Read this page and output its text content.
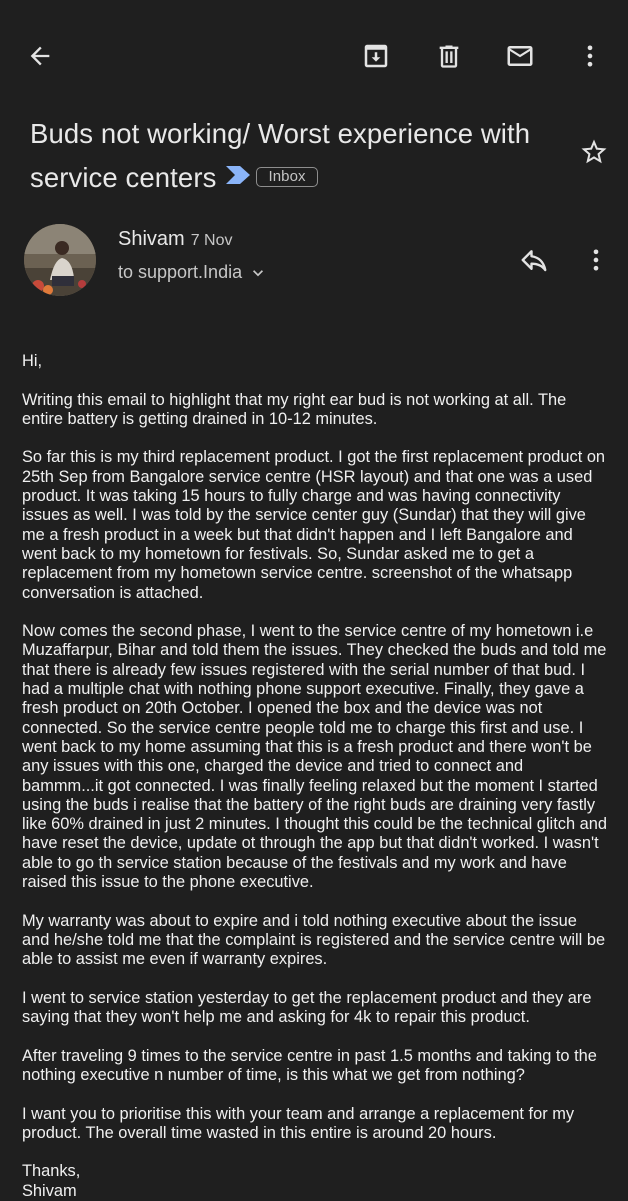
Buds not working/ Worst experience with service centers	Inbox
Shivam 7 Nov
to support.India

Hi,

Writing this email to highlight that my right ear bud is not working at all. The entire battery is getting drained in 10-12 minutes.

So far this is my third replacement product. I got the first replacement product on 25th Sep from Bangalore service centre (HSR layout) and that one was a used product. It was taking 15 hours to fully charge and was having connectivity issues as well. I was told by the service center guy (Sundar) that they will give me a fresh product in a week but that didn't happen and I left Bangalore and went back to my hometown for festivals. So, Sundar asked me to get a replacement from my hometown service centre. screenshot of the whatsapp conversation is attached.

Now comes the second phase, I went to the service centre of my hometown i.e Muzaffarpur, Bihar and told them the issues. They checked the buds and told me that there is already few issues registered with the serial number of that bud. I had a multiple chat with nothing phone support executive. Finally, they gave a fresh product on 20th October. I opened the box and the device was not connected. So the service centre people told me to charge this first and use. I went back to my home assuming that this is a fresh product and there won't be any issues with this one, charged the device and tried to connect and bammm...it got connected. I was finally feeling relaxed but the moment I started using the buds i realise that the battery of the right buds are draining very fastly like 60% drained in just 2 minutes. I thought this could be the technical glitch and have reset the device, update ot through the app but that didn't worked. I wasn't able to go th service station because of the festivals and my work and have raised this issue to the phone executive.

My warranty was about to expire and i told nothing executive about the issue and he/she told me that the complaint is registered and the service centre will be able to assist me even if warranty expires.

I went to service station yesterday to get the replacement product and they are saying that they won't help me and asking for 4k to repair this product.

After traveling 9 times to the service centre in past 1.5 months and taking to the nothing executive n number of time, is this what we get from nothing?

I want you to prioritise this with your team and arrange a replacement for my product. The overall time wasted in this entire is around 20 hours.

Thanks,

Shivam
